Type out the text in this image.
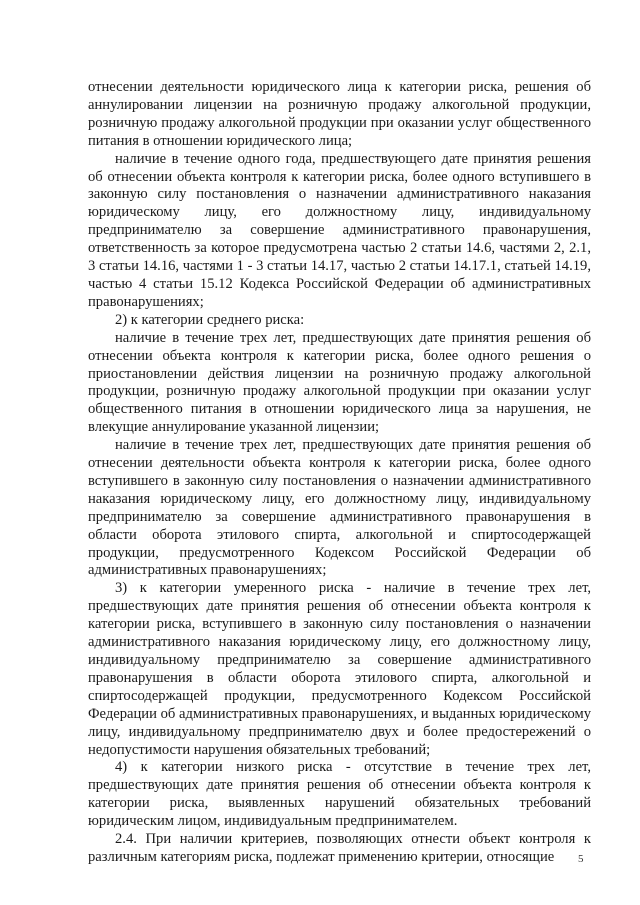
отнесении деятельности юридического лица к категории риска, решения об аннулировании лицензии на розничную продажу алкогольной продукции, розничную продажу алкогольной продукции при оказании услуг общественного питания в отношении юридического лица;

наличие в течение одного года, предшествующего дате принятия решения об отнесении объекта контроля к категории риска, более одного вступившего в законную силу постановления о назначении административного наказания юридическому лицу, его должностному лицу, индивидуальному предпринимателю за совершение административного правонарушения, ответственность за которое предусмотрена частью 2 статьи 14.6, частями 2, 2.1, 3 статьи 14.16, частями 1 - 3 статьи 14.17, частью 2 статьи 14.17.1, статьей 14.19, частью 4 статьи 15.12 Кодекса Российской Федерации об административных правонарушениях;

2) к категории среднего риска:

наличие в течение трех лет, предшествующих дате принятия решения об отнесении объекта контроля к категории риска, более одного решения о приостановлении действия лицензии на розничную продажу алкогольной продукции, розничную продажу алкогольной продукции при оказании услуг общественного питания в отношении юридического лица за нарушения, не влекущие аннулирование указанной лицензии;

наличие в течение трех лет, предшествующих дате принятия решения об отнесении деятельности объекта контроля к категории риска, более одного вступившего в законную силу постановления о назначении административного наказания юридическому лицу, его должностному лицу, индивидуальному предпринимателю за совершение административного правонарушения в области оборота этилового спирта, алкогольной и спиртосодержащей продукции, предусмотренного Кодексом Российской Федерации об административных правонарушениях;

3) к категории умеренного риска - наличие в течение трех лет, предшествующих дате принятия решения об отнесении объекта контроля к категории риска, вступившего в законную силу постановления о назначении административного наказания юридическому лицу, его должностному лицу, индивидуальному предпринимателю за совершение административного правонарушения в области оборота этилового спирта, алкогольной и спиртосодержащей продукции, предусмотренного Кодексом Российской Федерации об административных правонарушениях, и выданных юридическому лицу, индивидуальному предпринимателю двух и более предостережений о недопустимости нарушения обязательных требований;

4) к категории низкого риска - отсутствие в течение трех лет, предшествующих дате принятия решения об отнесении объекта контроля к категории риска, выявленных нарушений обязательных требований юридическим лицом, индивидуальным предпринимателем.

2.4. При наличии критериев, позволяющих отнести объект контроля к различным категориям риска, подлежат применению критерии, относящие	5
